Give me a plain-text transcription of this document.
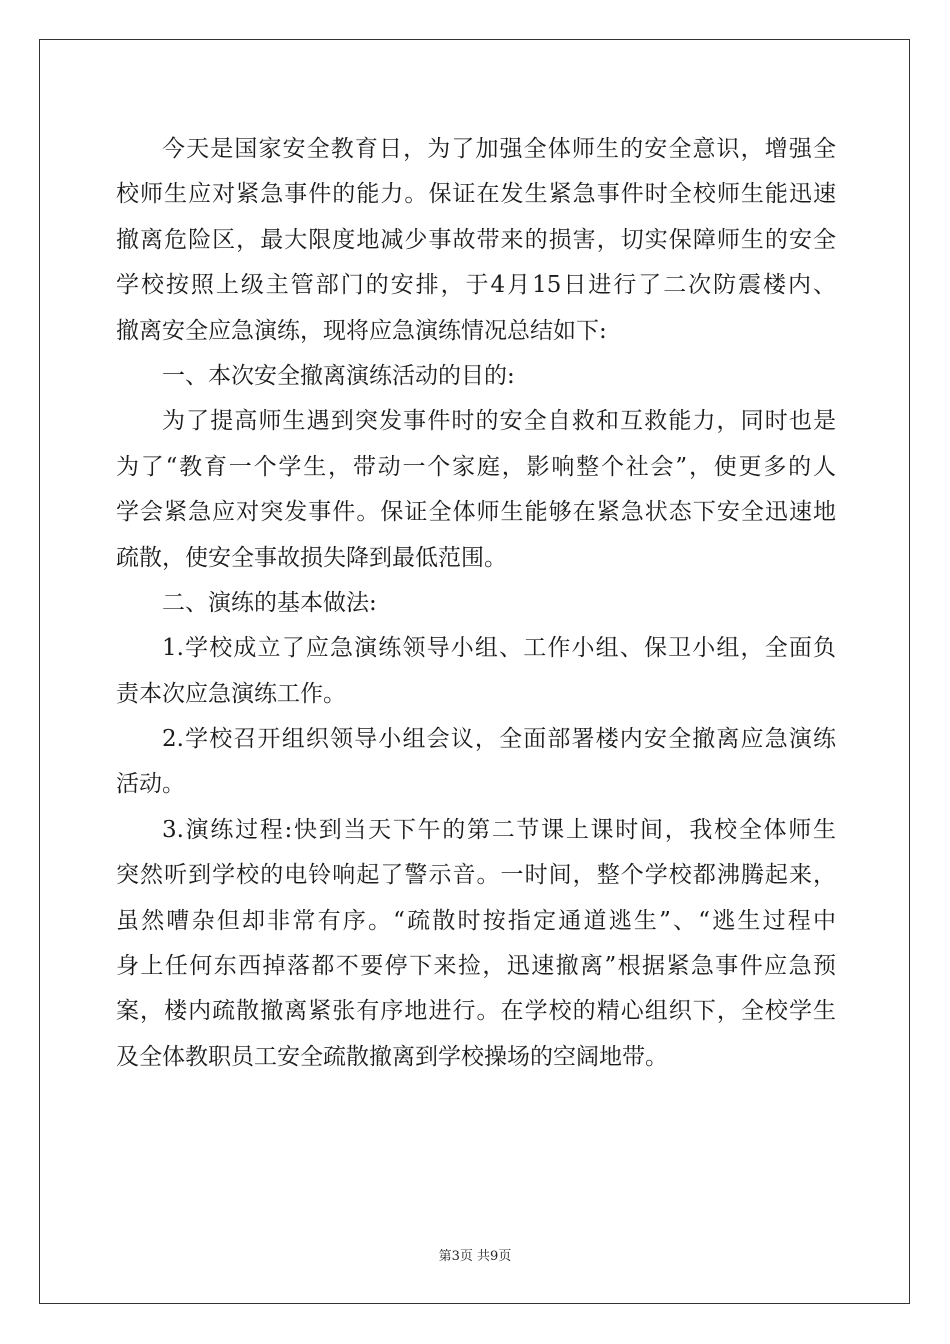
今天是国家安全教育日，为了加强全体师生的安全意识，增强全
校师生应对紧急事件的能力。保证在发生紧急事件时全校师生能迅速
撤离危险区，最大限度地减少事故带来的损害，切实保障师生的安全
学校按照上级主管部门的安排，于4月15日进行了二次防震楼内、
撤离安全应急演练，现将应急演练情况总结如下:
一、本次安全撤离演练活动的目的:
为了提高师生遇到突发事件时的安全自救和互救能力，同时也是
为了“教育一个学生，带动一个家庭，影响整个社会”，使更多的人
学会紧急应对突发事件。保证全体师生能够在紧急状态下安全迅速地
疏散，使安全事故损失降到最低范围。
二、演练的基本做法:
1.学校成立了应急演练领导小组、工作小组、保卫小组，全面负
责本次应急演练工作。
2.学校召开组织领导小组会议，全面部署楼内安全撤离应急演练
活动。
3.演练过程:快到当天下午的第二节课上课时间，我校全体师生
突然听到学校的电铃响起了警示音。一时间，整个学校都沸腾起来，
虽然嘈杂但却非常有序。“疏散时按指定通道逃生”、“逃生过程中
身上任何东西掉落都不要停下来捡，迅速撤离”根据紧急事件应急预
案，楼内疏散撤离紧张有序地进行。在学校的精心组织下，全校学生
及全体教职员工安全疏散撤离到学校操场的空阔地带。
第3页 共9页
